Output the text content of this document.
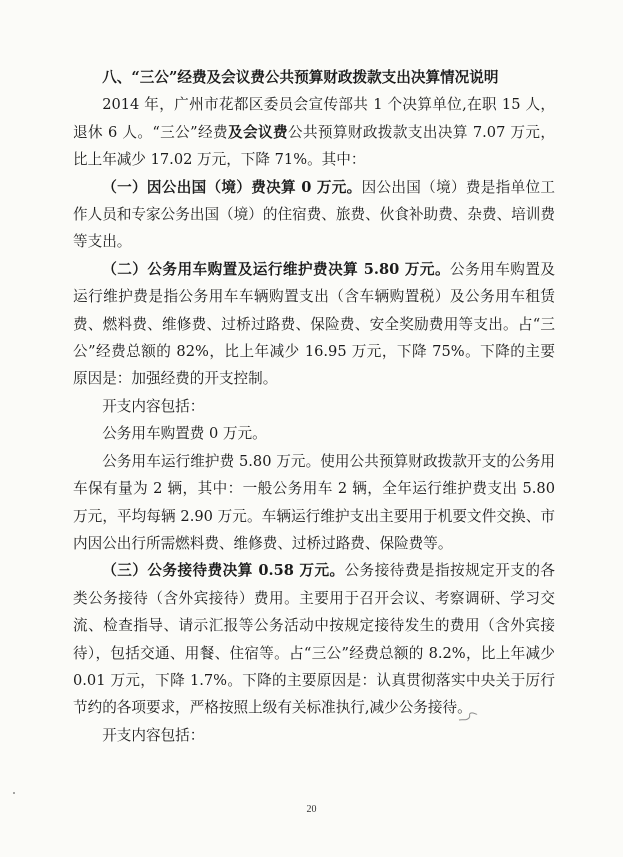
八、“三公”经费及会议费公共预算财政拨款支出决算情况说明

2014 年，广州市花都区委员会宣传部共 1 个决算单位,在职 15 人，退休 6 人。“三公”经费及会议费公共预算财政拨款支出决算 7.07 万元，比上年减少 17.02 万元，下降 71%。其中：

（一）因公出国（境）费决算 0 万元。因公出国（境）费是指单位工作人员和专家公务出国（境）的住宿费、旅费、伙食补助费、杂费、培训费等支出。

（二）公务用车购置及运行维护费决算 5.80 万元。公务用车购置及运行维护费是指公务用车车辆购置支出（含车辆购置税）及公务用车租赁费、燃料费、维修费、过桥过路费、保险费、安全奖励费用等支出。占“三公”经费总额的 82%，比上年减少 16.95 万元，下降 75%。下降的主要原因是：加强经费的开支控制。

开支内容包括：

公务用车购置费 0 万元。

公务用车运行维护费 5.80 万元。使用公共预算财政拨款开支的公务用车保有量为 2 辆，其中：一般公务用车 2 辆，全年运行维护费支出 5.80 万元，平均每辆 2.90 万元。车辆运行维护支出主要用于机要文件交换、市内因公出行所需燃料费、维修费、过桥过路费、保险费等。

（三）公务接待费决算 0.58 万元。公务接待费是指按规定开支的各类公务接待（含外宾接待）费用。主要用于召开会议、考察调研、学习交流、检查指导、请示汇报等公务活动中按规定接待发生的费用（含外宾接待），包括交通、用餐、住宿等。占“三公”经费总额的 8.2%，比上年减少 0.01 万元，下降 1.7%。下降的主要原因是：认真贯彻落实中央关于厉行节约的各项要求，严格按照上级有关标准执行,减少公务接待。

开支内容包括：

20
